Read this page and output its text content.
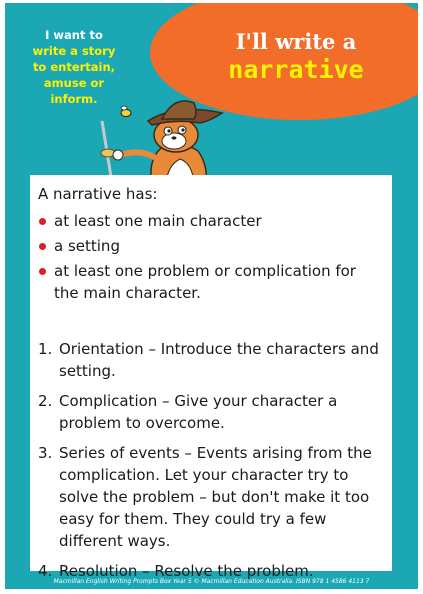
I want to
write a story
to entertain,
amuse or
inform.
I'll write a
narrative
A narrative has:
at least one main character
a setting
at least one problem or complication for the main character.
1. Orientation – Introduce the characters and setting.
2. Complication – Give your character a problem to overcome.
3. Series of events – Events arising from the complication. Let your character try to solve the problem – but don't make it too easy for them. They could try a few different ways.
4. Resolution – Resolve the problem.
Macmillan English Writing Prompts Box Year 5 © Macmillan Education Australia. ISBN 978 1 4586 4113 7
